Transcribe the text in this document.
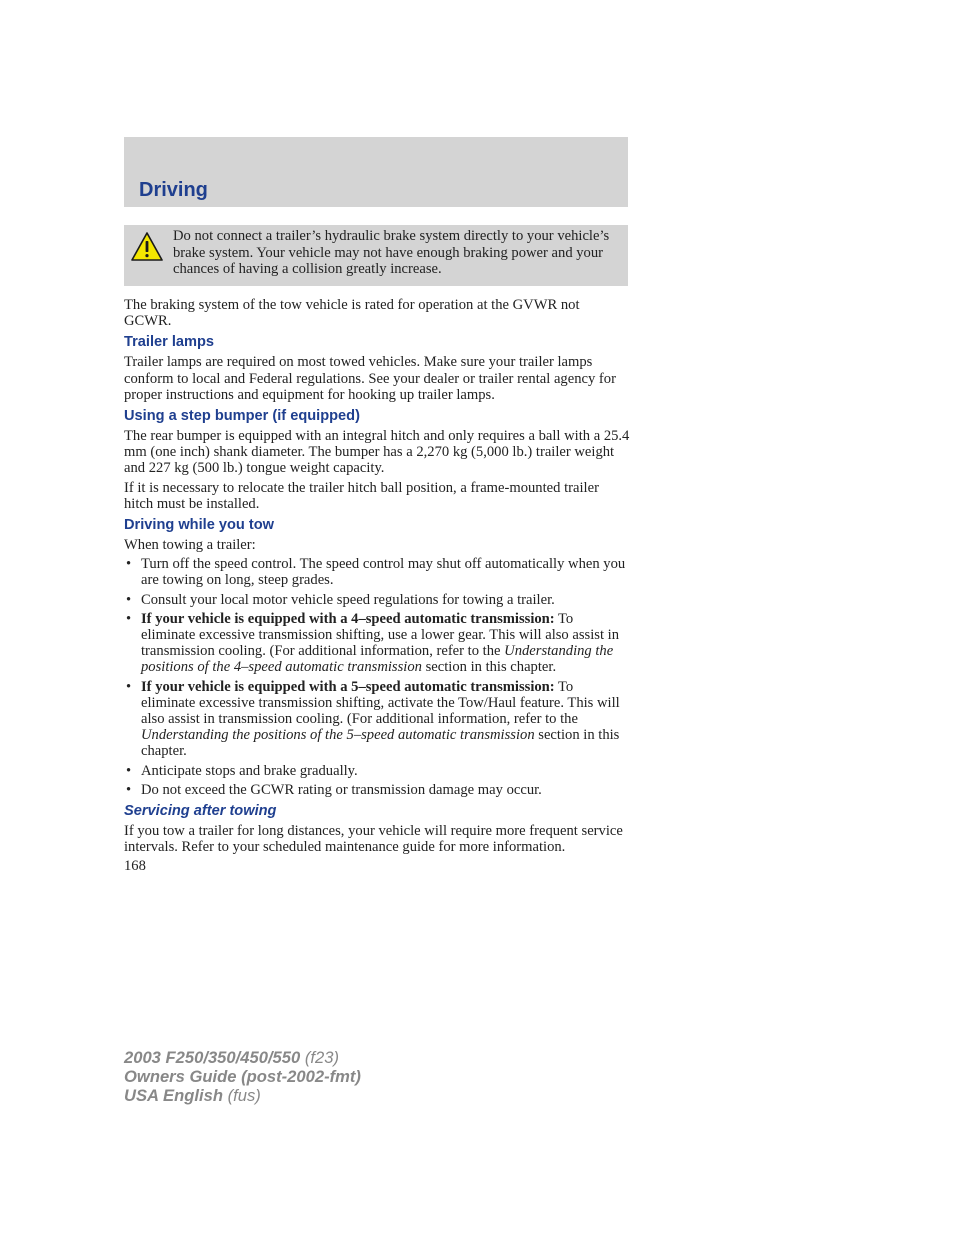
Driving
Do not connect a trailer’s hydraulic brake system directly to your vehicle’s brake system. Your vehicle may not have enough braking power and your chances of having a collision greatly increase.

The braking system of the tow vehicle is rated for operation at the GVWR not GCWR.

Trailer lamps

Trailer lamps are required on most towed vehicles. Make sure your trailer lamps conform to local and Federal regulations. See your dealer or trailer rental agency for proper instructions and equipment for hooking up trailer lamps.

Using a step bumper (if equipped)

The rear bumper is equipped with an integral hitch and only requires a ball with a 25.4 mm (one inch) shank diameter. The bumper has a 2,270 kg (5,000 lb.) trailer weight and 227 kg (500 lb.) tongue weight capacity.

If it is necessary to relocate the trailer hitch ball position, a frame-mounted trailer hitch must be installed.

Driving while you tow

When towing a trailer:

• Turn off the speed control. The speed control may shut off automatically when you are towing on long, steep grades.
• Consult your local motor vehicle speed regulations for towing a trailer.
• If your vehicle is equipped with a 4–speed automatic transmission: To eliminate excessive transmission shifting, use a lower gear. This will also assist in transmission cooling. (For additional information, refer to the Understanding the positions of the 4–speed automatic transmission section in this chapter.
• If your vehicle is equipped with a 5–speed automatic transmission: To eliminate excessive transmission shifting, activate the Tow/Haul feature. This will also assist in transmission cooling. (For additional information, refer to the Understanding the positions of the 5–speed automatic transmission section in this chapter.
• Anticipate stops and brake gradually.
• Do not exceed the GCWR rating or transmission damage may occur.
Servicing after towing

If you tow a trailer for long distances, your vehicle will require more frequent service intervals. Refer to your scheduled maintenance guide for more information.

168

2003 F250/350/450/550 (f23)
Owners Guide (post-2002-fmt)
USA English (fus)
